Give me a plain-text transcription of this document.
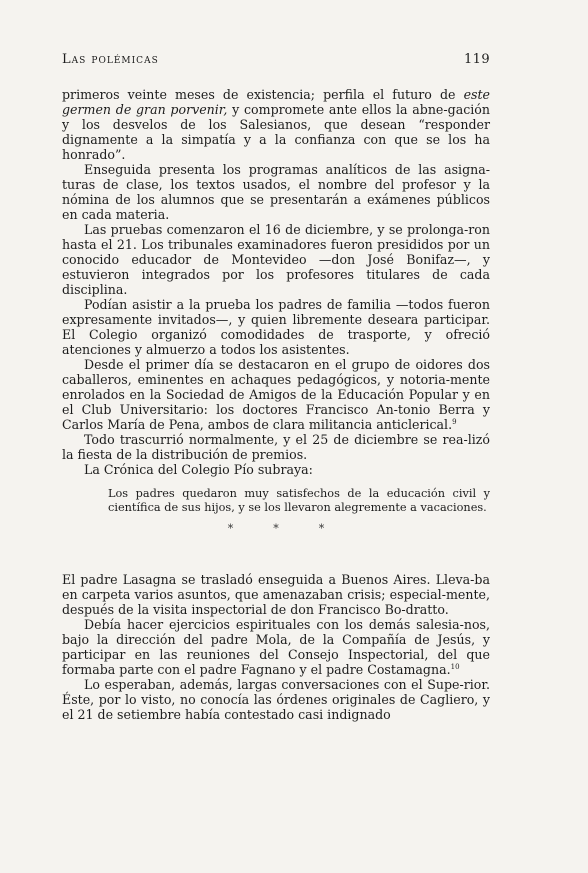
Las polémicas	119

primeros veinte meses de existencia; perfila el futuro de este germen de gran porvenir, y compromete ante ellos la abne-gación y los desvelos de los Salesianos, que desean “responder dignamente a la simpatía y a la confianza con que se los ha honrado”.

Enseguida presenta los programas analíticos de las asigna-turas de clase, los textos usados, el nombre del profesor y la nómina de los alumnos que se presentarán a exámenes públicos en cada materia.

Las pruebas comenzaron el 16 de diciembre, y se prolonga-ron hasta el 21. Los tribunales examinadores fueron presididos por un conocido educador de Montevideo —don José Bonifaz—, y estuvieron integrados por los profesores titulares de cada disciplina.

Podían asistir a la prueba los padres de familia —todos fueron expresamente invitados—, y quien libremente deseara participar. El Colegio organizó comodidades de trasporte, y ofreció atenciones y almuerzo a todos los asistentes.

Desde el primer día se destacaron en el grupo de oidores dos caballeros, eminentes en achaques pedagógicos, y notoria-mente enrolados en la Sociedad de Amigos de la Educación Popular y en el Club Universitario: los doctores Francisco An-tonio Berra y Carlos María de Pena, ambos de clara militancia anticlerical.$^9$

Todo trascurrió normalmente, y el 25 de diciembre se rea-lizó la fiesta de la distribución de premios.

La Crónica del Colegio Pío subraya:

Los padres quedaron muy satisfechos de la educación civil y científica de sus hijos, y se los llevaron alegremente a vacaciones.

*	*	*

El padre Lasagna se trasladó enseguida a Buenos Aires. Lleva-ba en carpeta varios asuntos, que amenazaban crisis; especial-mente, después de la visita inspectorial de don Francisco Bo-dratto.

Debía hacer ejercicios espirituales con los demás salesia-nos, bajo la dirección del padre Mola, de la Compañía de Jesús, y participar en las reuniones del Consejo Inspectorial, del que formaba parte con el padre Fagnano y el padre Costamagna.$^{10}$

Lo esperaban, además, largas conversaciones con el Supe-rior. Éste, por lo visto, no conocía las órdenes originales de Cagliero, y el 21 de setiembre había contestado casi indignado
